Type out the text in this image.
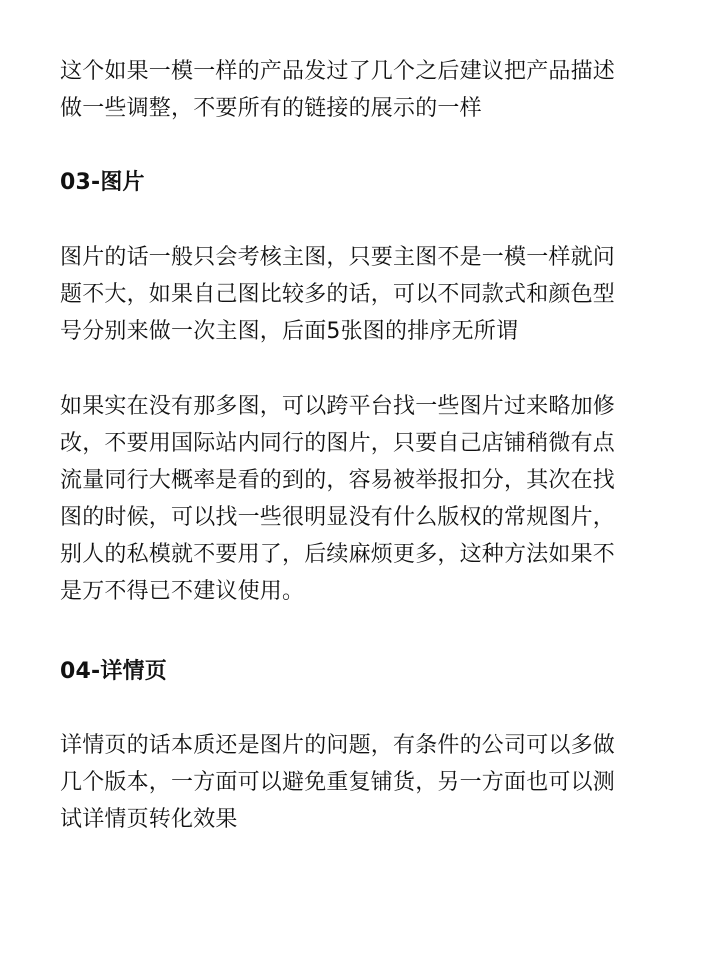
这个如果一模一样的产品发过了几个之后建议把产品描述
做一些调整，不要所有的链接的展示的一样

03-图片

图片的话一般只会考核主图，只要主图不是一模一样就问
题不大，如果自己图比较多的话，可以不同款式和颜色型
号分别来做一次主图，后面5张图的排序无所谓

如果实在没有那多图，可以跨平台找一些图片过来略加修
改，不要用国际站内同行的图片，只要自己店铺稍微有点
流量同行大概率是看的到的，容易被举报扣分，其次在找
图的时候，可以找一些很明显没有什么版权的常规图片，
别人的私模就不要用了，后续麻烦更多，这种方法如果不
是万不得已不建议使用。

04-详情页

详情页的话本质还是图片的问题，有条件的公司可以多做
几个版本，一方面可以避免重复铺货，另一方面也可以测
试详情页转化效果
